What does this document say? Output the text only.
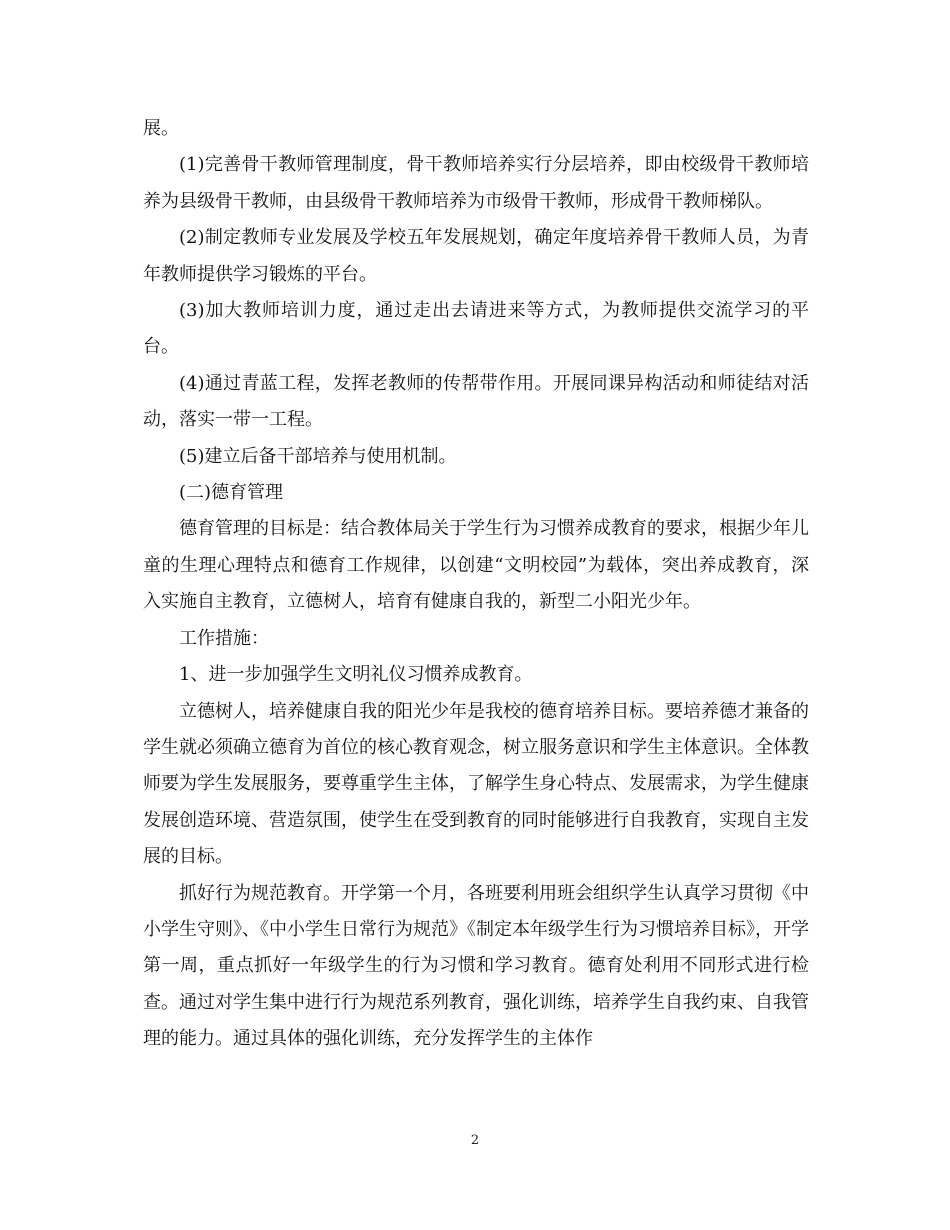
展。

(1)完善骨干教师管理制度，骨干教师培养实行分层培养，即由校级骨干教师培养为县级骨干教师，由县级骨干教师培养为市级骨干教师，形成骨干教师梯队。

(2)制定教师专业发展及学校五年发展规划，确定年度培养骨干教师人员，为青年教师提供学习锻炼的平台。

(3)加大教师培训力度，通过走出去请进来等方式，为教师提供交流学习的平台。

(4)通过青蓝工程，发挥老教师的传帮带作用。开展同课异构活动和师徒结对活动，落实一带一工程。

(5)建立后备干部培养与使用机制。

(二)德育管理

德育管理的目标是：结合教体局关于学生行为习惯养成教育的要求，根据少年儿童的生理心理特点和德育工作规律，以创建“文明校园”为载体，突出养成教育，深入实施自主教育，立德树人，培育有健康自我的，新型二小阳光少年。

工作措施：

1、进一步加强学生文明礼仪习惯养成教育。

立德树人，培养健康自我的阳光少年是我校的德育培养目标。要培养德才兼备的学生就必须确立德育为首位的核心教育观念，树立服务意识和学生主体意识。全体教师要为学生发展服务，要尊重学生主体，了解学生身心特点、发展需求，为学生健康发展创造环境、营造氛围，使学生在受到教育的同时能够进行自我教育，实现自主发展的目标。

抓好行为规范教育。开学第一个月，各班要利用班会组织学生认真学习贯彻《中小学生守则》、《中小学生日常行为规范》《制定本年级学生行为习惯培养目标》，开学第一周，重点抓好一年级学生的行为习惯和学习教育。德育处利用不同形式进行检查。通过对学生集中进行行为规范系列教育，强化训练，培养学生自我约束、自我管理的能力。通过具体的强化训练，充分发挥学生的主体作

2
